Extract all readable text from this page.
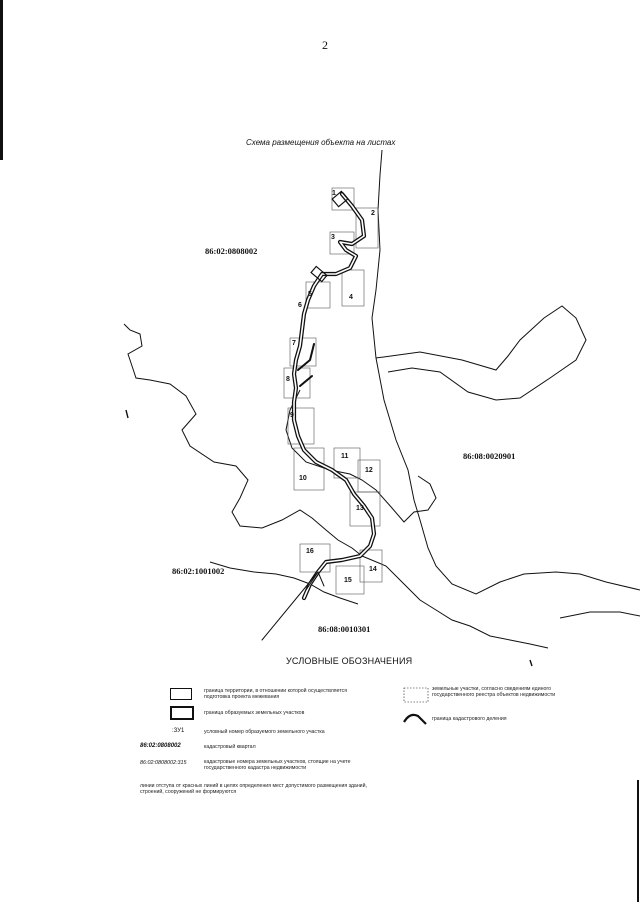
2
Схема размещения объекта на листах
86:02:0808002
86:08:0020901
86:02:1001002
86:08:0010301
1
2
3
4
5
6
7
8
9
10
11
12
13
14
15
16
УСЛОВНЫЕ ОБОЗНАЧЕНИЯ
граница территории, в отношении которой осуществляется подготовка проекта межевания
граница образуемых земельных участков
:ЗУ1	условный номер образуемого земельного участка
86:02:0808002	кадастровый квартал
86:02:0808002:315	кадастровые номера земельных участков, стоящие на учете государственного кадастра недвижимости
линии отступа от красных линий в целях определения мест допустимого размещения зданий, строений, сооружений не формируются
земельные участки, согласно сведениям единого государственного реестра объектов недвижимости
граница кадастрового деления
